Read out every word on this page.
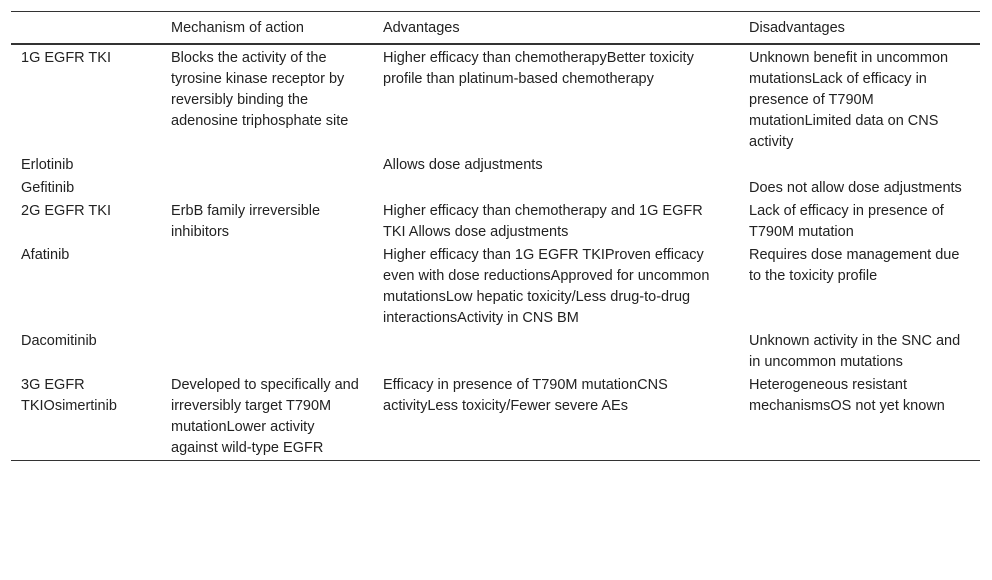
	Mechanism of action	Advantages	Disadvantages
1G EGFR TKI	Blocks the activity of the tyrosine kinase receptor by reversibly binding the adenosine triphosphate site	Higher efficacy than chemotherapyBetter toxicity profile than platinum-based chemotherapy	Unknown benefit in uncommon mutationsLack of efficacy in presence of T790M mutationLimited data on CNS activity
Erlotinib		Allows dose adjustments	
Gefitinib			Does not allow dose adjustments
2G EGFR TKI	ErbB family irreversible inhibitors	Higher efficacy than chemotherapy and 1G EGFR TKI Allows dose adjustments	Lack of efficacy in presence of T790M mutation
Afatinib		Higher efficacy than 1G EGFR TKIProven efficacy even with dose reductionsApproved for uncommon mutationsLow hepatic toxicity/Less drug-to-drug interactionsActivity in CNS BM	Requires dose management due to the toxicity profile
Dacomitinib			Unknown activity in the SNC and in uncommon mutations
3G EGFR TKIOsimertinib	Developed to specifically and irreversibly target T790M mutationLower activity against wild-type EGFR	Efficacy in presence of T790M mutationCNS activityLess toxicity/Fewer severe AEs	Heterogeneous resistant mechanismsOS not yet known
